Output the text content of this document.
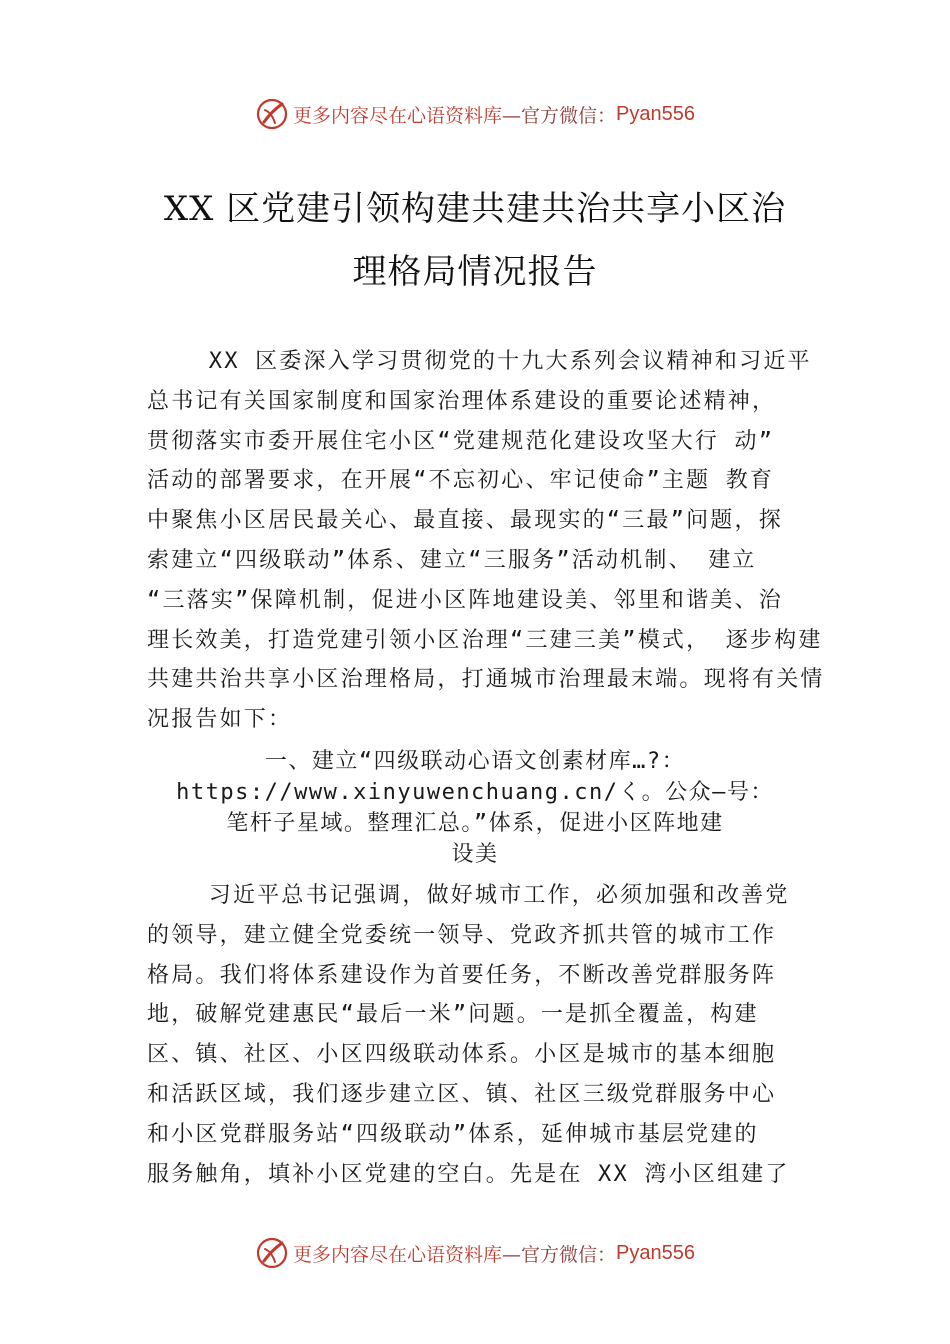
更多内容尽在心语资料库 —官方微信： Pyan556
XX 区党建引领构建共建共治共享小区治
理格局情况报告

XX 区委深入学习贯彻党的十九大系列会议精神和习近平
总书记有关国家制度和国家治理体系建设的重要论述精神，
贯彻落实市委开展住宅小区“党建规范化建设攻坚大行 动”
活动的部署要求，在开展“不忘初心、牢记使命”主题 教育
中聚焦小区居民最关心、最直接、最现实的“三最”问题，探
索建立“四级联动”体系、建立“三服务”活动机制、 建立
“三落实”保障机制，促进小区阵地建设美、邻里和谐美、治
理长效美，打造党建引领小区治理“三建三美”模式， 逐步构建
共建共治共享小区治理格局，打通城市治理最末端。现将有关情
况报告如下：

一、建立“四级联动心语文创素材库…?：
https://www.xinyuwenchuang.cn/く。公众—号：
笔杆子星域。整理汇总。”体系，促进小区阵地建
设美

习近平总书记强调，做好城市工作，必须加强和改善党
的领导，建立健全党委统一领导、党政齐抓共管的城市工作
格局。我们将体系建设作为首要任务，不断改善党群服务阵
地，破解党建惠民“最后一米”问题。一是抓全覆盖，构建
区、镇、社区、小区四级联动体系。小区是城市的基本细胞
和活跃区域，我们逐步建立区、镇、社区三级党群服务中心
和小区党群服务站“四级联动”体系，延伸城市基层党建的
服务触角，填补小区党建的空白。先是在 XX 湾小区组建了

更多内容尽在心语资料库 —官方微信： Pyan556
